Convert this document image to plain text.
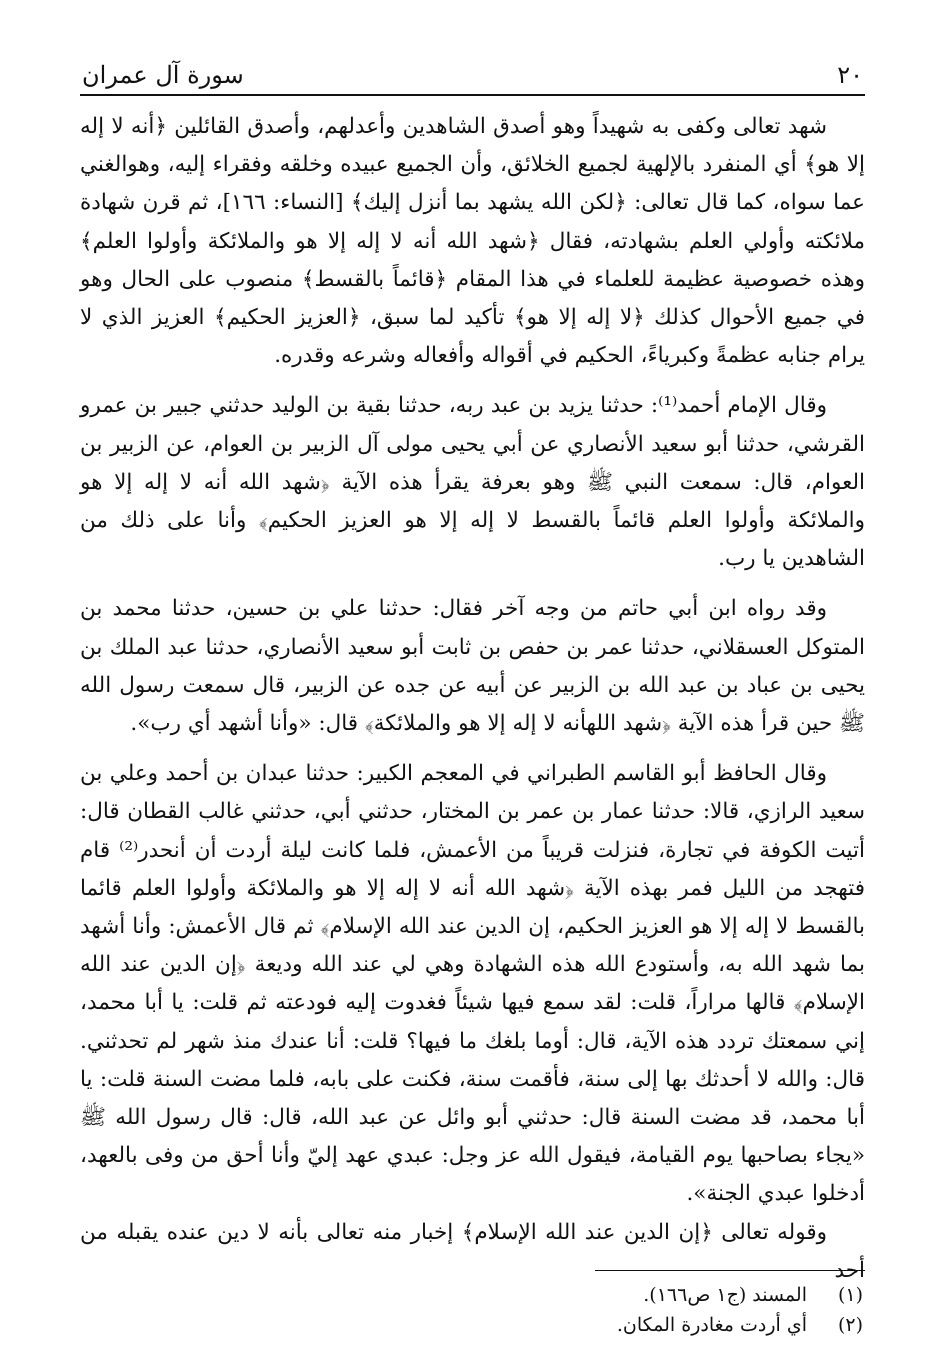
٢٠
سورة آل عمران

شهد تعالى وكفى به شهيداً وهو أصدق الشاهدين وأعدلهم، وأصدق القائلين ﴿أنه لا إله إلا هو﴾ أي المنفرد بالإلهية لجميع الخلائق، وأن الجميع عبيده وخلقه وفقراء إليه، وهوالغني عما سواه، كما قال تعالى: ﴿لكن الله يشهد بما أنزل إليك﴾ [النساء: ١٦٦]، ثم قرن شهادة ملائكته وأولي العلم بشهادته، فقال ﴿شهد الله أنه لا إله إلا هو والملائكة وأولوا العلم﴾ وهذه خصوصية عظيمة للعلماء في هذا المقام ﴿قائماً بالقسط﴾ منصوب على الحال وهو في جميع الأحوال كذلك ﴿لا إله إلا هو﴾ تأكيد لما سبق، ﴿العزيز الحكيم﴾ العزيز الذي لا يرام جنابه عظمةً وكبرياءً، الحكيم في أقواله وأفعاله وشرعه وقدره.

وقال الإمام أحمد⁽¹⁾: حدثنا يزيد بن عبد ربه، حدثنا بقية بن الوليد حدثني جبير بن عمرو القرشي، حدثنا أبو سعيد الأنصاري عن أبي يحيى مولى آل الزبير بن العوام، عن الزبير بن العوام، قال: سمعت النبي ﷺ وهو بعرفة يقرأ هذه الآية ﴿شهد الله أنه لا إله إلا هو والملائكة وأولوا العلم قائماً بالقسط لا إله إلا هو العزيز الحكيم﴾ وأنا على ذلك من الشاهدين يا رب.

وقد رواه ابن أبي حاتم من وجه آخر فقال: حدثنا علي بن حسين، حدثنا محمد بن المتوكل العسقلاني، حدثنا عمر بن حفص بن ثابت أبو سعيد الأنصاري، حدثنا عبد الملك بن يحيى بن عباد بن عبد الله بن الزبير عن أبيه عن جده عن الزبير، قال سمعت رسول الله ﷺ حين قرأ هذه الآية ﴿شهد اللهأنه لا إله إلا هو والملائكة﴾ قال: «وأنا أشهد أي رب».

وقال الحافظ أبو القاسم الطبراني في المعجم الكبير: حدثنا عبدان بن أحمد وعلي بن سعيد الرازي، قالا: حدثنا عمار بن عمر بن المختار، حدثني أبي، حدثني غالب القطان قال: أتيت الكوفة في تجارة، فنزلت قريباً من الأعمش، فلما كانت ليلة أردت أن أنحدر⁽²⁾ قام فتهجد من الليل فمر بهذه الآية ﴿شهد الله أنه لا إله إلا هو والملائكة وأولوا العلم قائما بالقسط لا إله إلا هو العزيز الحكيم، إن الدين عند الله الإسلام﴾ ثم قال الأعمش: وأنا أشهد بما شهد الله به، وأستودع الله هذه الشهادة وهي لي عند الله وديعة ﴿إن الدين عند الله الإسلام﴾ قالها مراراً، قلت: لقد سمع فيها شيئاً فغدوت إليه فودعته ثم قلت: يا أبا محمد، إني سمعتك تردد هذه الآية، قال: أوما بلغك ما فيها؟ قلت: أنا عندك منذ شهر لم تحدثني. قال: والله لا أحدثك بها إلى سنة، فأقمت سنة، فكنت على بابه، فلما مضت السنة قلت: يا أبا محمد، قد مضت السنة قال: حدثني أبو وائل عن عبد الله، قال: قال رسول الله ﷺ «يجاء بصاحبها يوم القيامة، فيقول الله عز وجل: عبدي عهد إليّ وأنا أحق من وفى بالعهد، أدخلوا عبدي الجنة».

وقوله تعالى ﴿إن الدين عند الله الإسلام﴾ إخبار منه تعالى بأنه لا دين عنده يقبله من أحد

(١)
المسند (ج١ ص١٦٦).
(٢)
أي أردت مغادرة المكان.
